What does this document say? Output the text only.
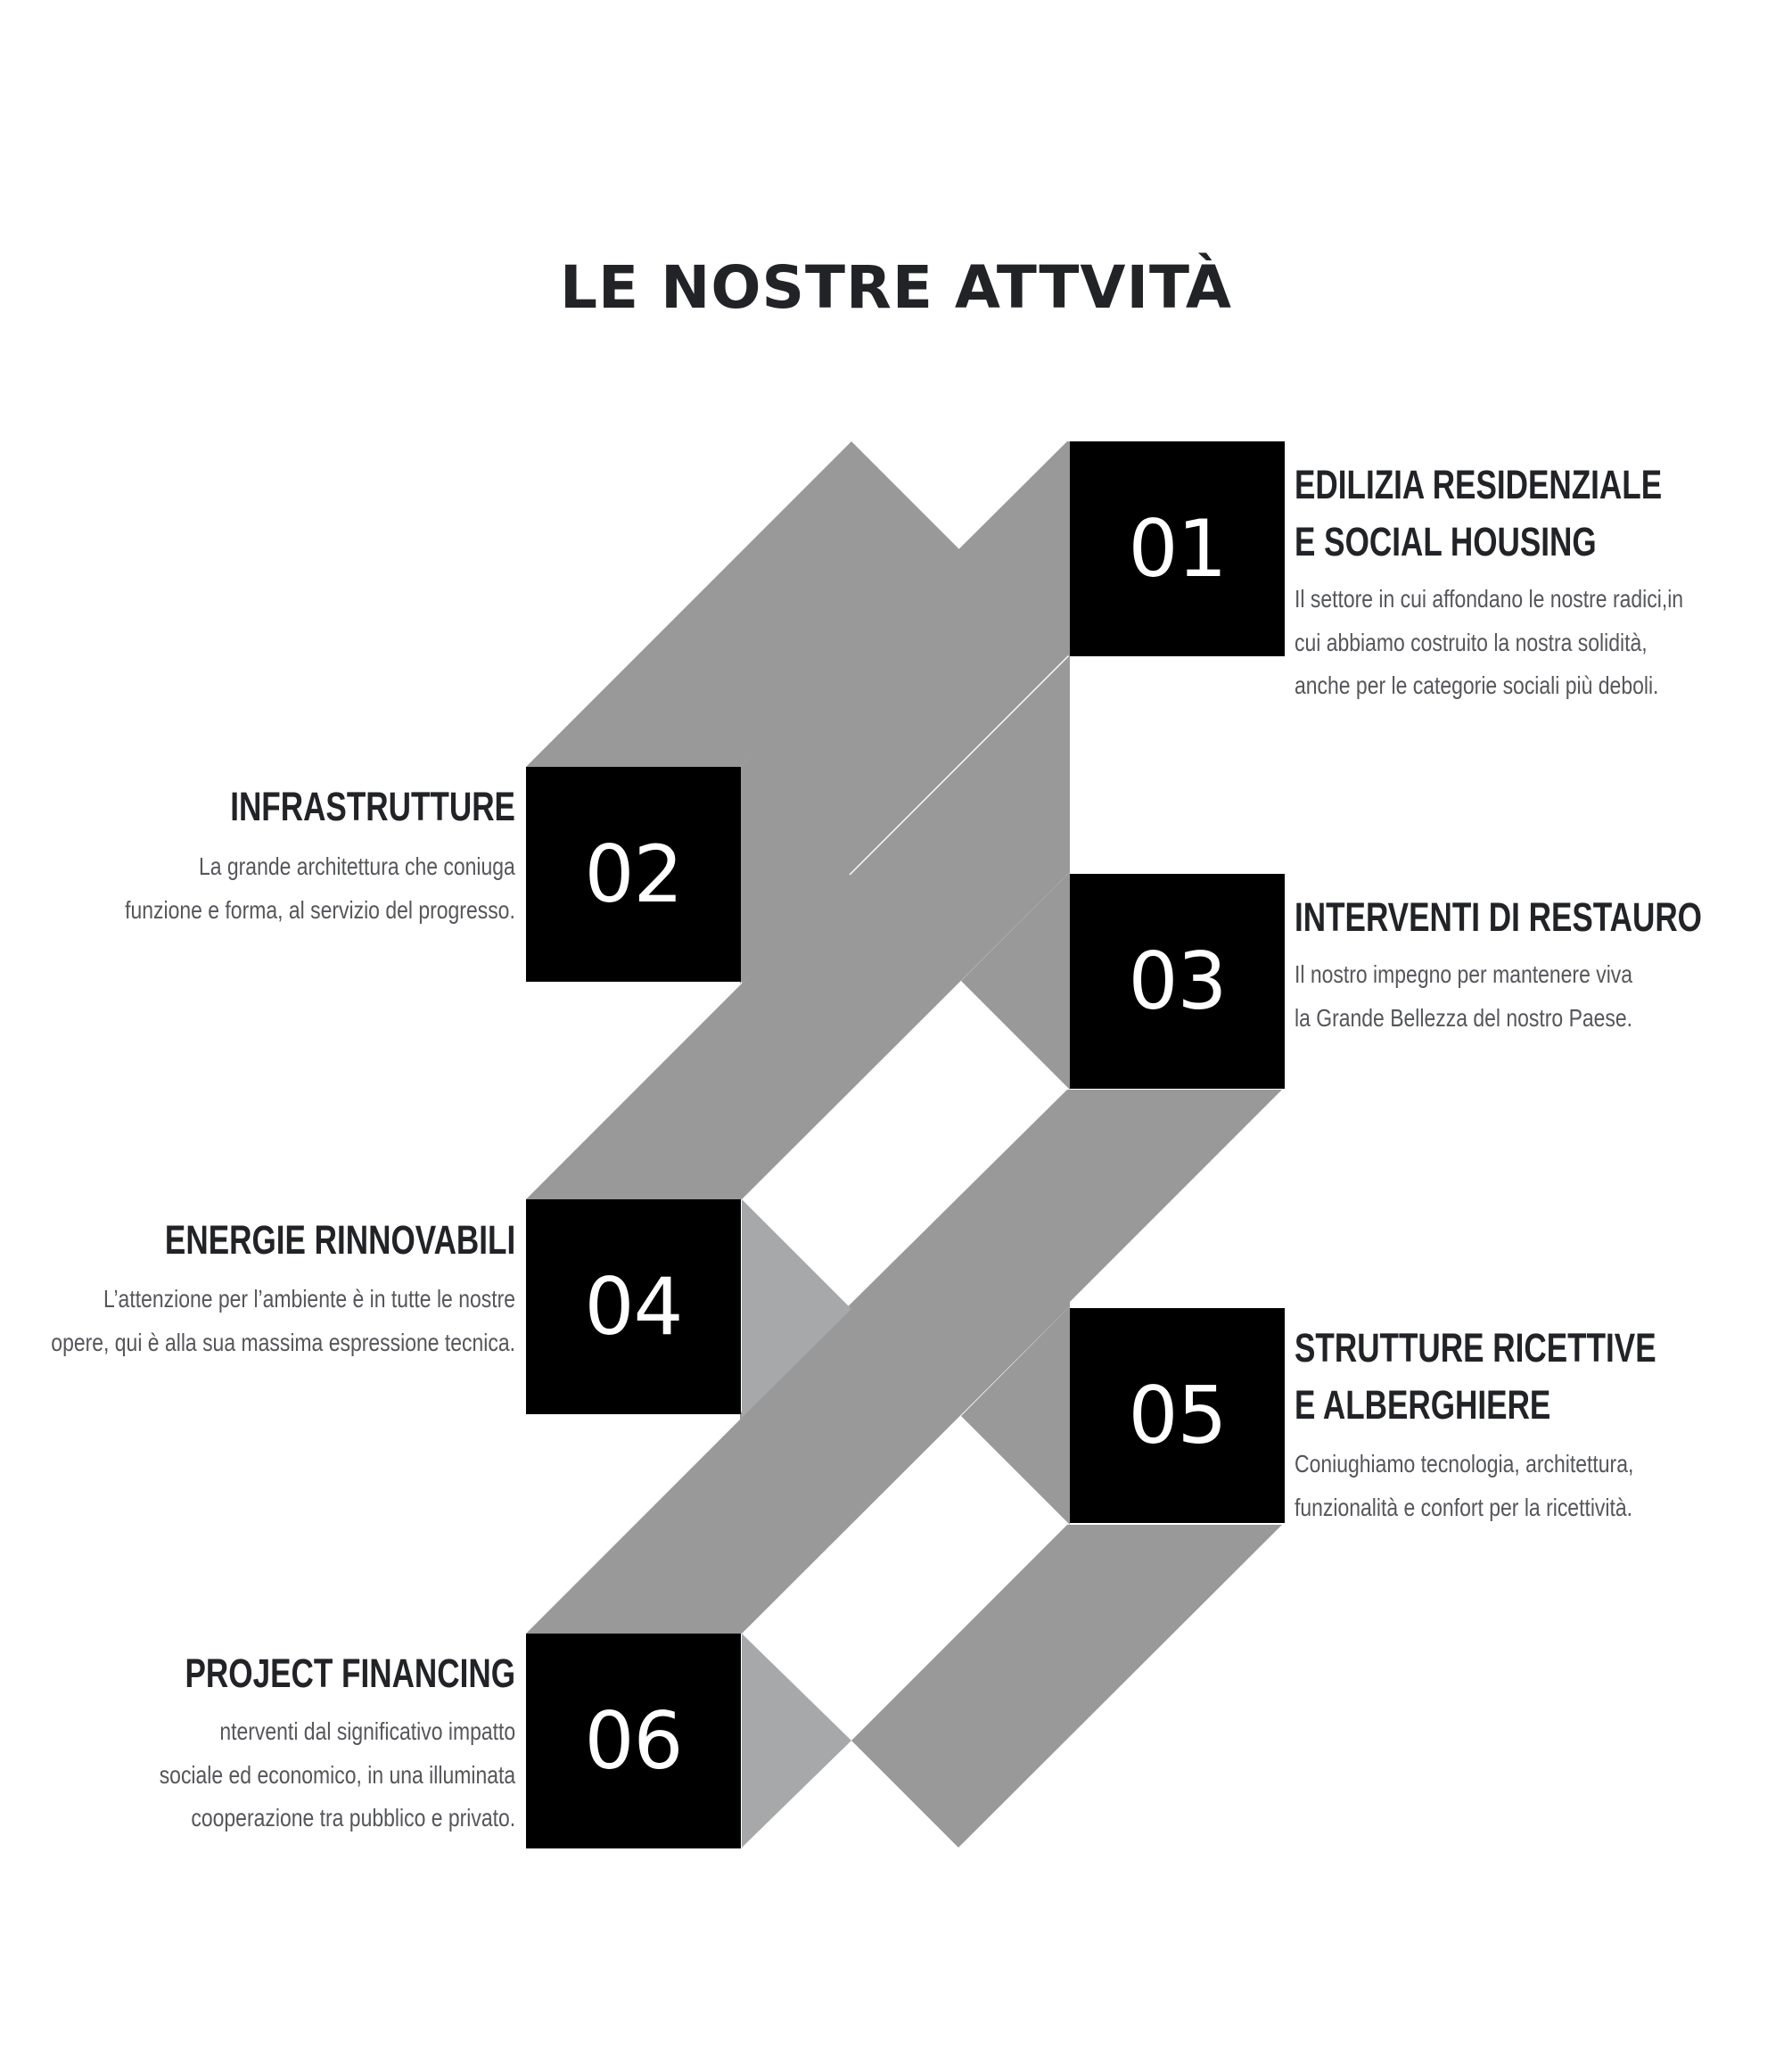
LE NOSTRE ATTVITÀ
01
EDILIZIA RESIDENZIALE
E SOCIAL HOUSING

Il settore in cui affondano le nostre radici,in
cui abbiamo costruito la nostra solidità,
anche per le categorie sociali più deboli.

02
INFRASTRUTTURE

La grande architettura che coniuga
funzione e forma, al servizio del progresso.

03
INTERVENTI DI RESTAURO

Il nostro impegno per mantenere viva
la Grande Bellezza del nostro Paese.

04
ENERGIE RINNOVABILI

L’attenzione per l’ambiente è in tutte le nostre
opere, qui è alla sua massima espressione tecnica.

05
STRUTTURE RICETTIVE
E ALBERGHIERE

Coniughiamo tecnologia, architettura,
funzionalità e confort per la ricettività.

06
PROJECT FINANCING

nterventi dal significativo impatto
sociale ed economico, in una illuminata
cooperazione tra pubblico e privato.
